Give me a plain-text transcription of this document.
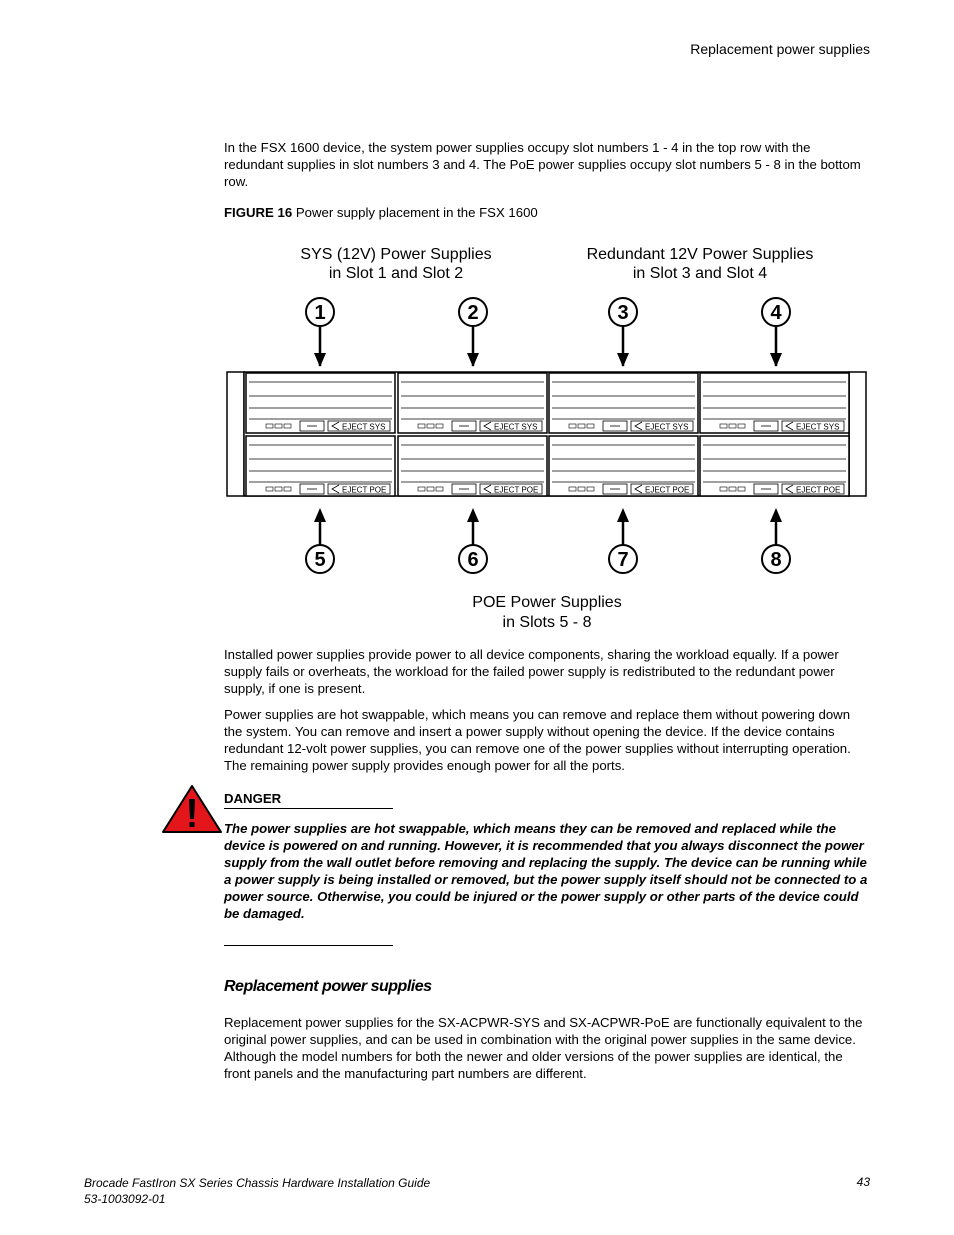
Replacement power supplies

In the FSX 1600 device, the system power supplies occupy slot numbers 1 - 4 in the top row with the redundant supplies in slot numbers 3 and 4. The PoE power supplies occupy slot numbers 5 - 8 in the bottom row.

FIGURE 16 Power supply placement in the FSX 1600
SYS (12V) Power Supplies
in Slot 1 and Slot 2
Redundant 12V Power Supplies
in Slot 3 and Slot 4
POE Power Supplies
in Slots 5 - 8
1	2	3	4
5	6	7	8
EJECT SYS	EJECT SYS	EJECT SYS	EJECT SYS
EJECT POE	EJECT POE	EJECT POE	EJECT POE

Installed power supplies provide power to all device components, sharing the workload equally. If a power supply fails or overheats, the workload for the failed power supply is redistributed to the redundant power supply, if one is present.

Power supplies are hot swappable, which means you can remove and replace them without powering down the system. You can remove and insert a power supply without opening the device. If the device contains redundant 12-volt power supplies, you can remove one of the power supplies without interrupting operation. The remaining power supply provides enough power for all the ports.

DANGER

The power supplies are hot swappable, which means they can be removed and replaced while the device is powered on and running. However, it is recommended that you always disconnect the power supply from the wall outlet before removing and replacing the supply. The device can be running while a power supply is being installed or removed, but the power supply itself should not be connected to a power source. Otherwise, you could be injured or the power supply or other parts of the device could be damaged.

Replacement power supplies

Replacement power supplies for the SX-ACPWR-SYS and SX-ACPWR-PoE are functionally equivalent to the original power supplies, and can be used in combination with the original power supplies in the same device. Although the model numbers for both the newer and older versions of the power supplies are identical, the front panels and the manufacturing part numbers are different.

Brocade FastIron SX Series Chassis Hardware Installation Guide
53-1003092-01
43
